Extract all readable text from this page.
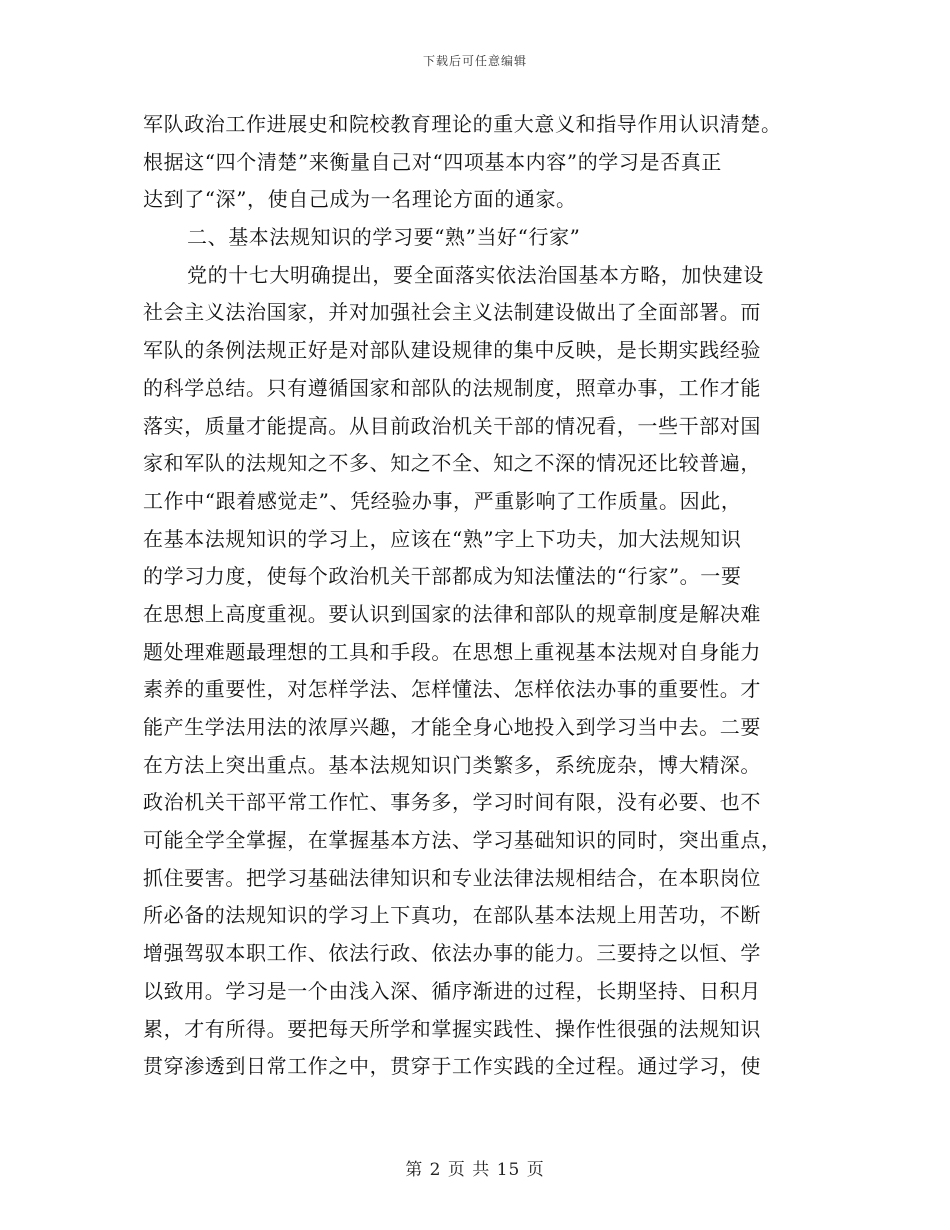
下载后可任意编辑
军队政治工作进展史和院校教育理论的重大意义和指导作用认识清楚。
根据这“四个清楚”来衡量自己对“四项基本内容”的学习是否真正
达到了“深”，使自己成为一名理论方面的通家。
二、基本法规知识的学习要“熟”当好“行家”
党的十七大明确提出，要全面落实依法治国基本方略，加快建设
社会主义法治国家，并对加强社会主义法制建设做出了全面部署。而
军队的条例法规正好是对部队建设规律的集中反映，是长期实践经验
的科学总结。只有遵循国家和部队的法规制度，照章办事，工作才能
落实，质量才能提高。从目前政治机关干部的情况看，一些干部对国
家和军队的法规知之不多、知之不全、知之不深的情况还比较普遍，
工作中“跟着感觉走”、凭经验办事，严重影响了工作质量。因此，
在基本法规知识的学习上，应该在“熟”字上下功夫，加大法规知识
的学习力度，使每个政治机关干部都成为知法懂法的“行家”。一要
在思想上高度重视。要认识到国家的法律和部队的规章制度是解决难
题处理难题最理想的工具和手段。在思想上重视基本法规对自身能力
素养的重要性，对怎样学法、怎样懂法、怎样依法办事的重要性。才
能产生学法用法的浓厚兴趣，才能全身心地投入到学习当中去。二要
在方法上突出重点。基本法规知识门类繁多，系统庞杂，博大精深。
政治机关干部平常工作忙、事务多，学习时间有限，没有必要、也不
可能全学全掌握，在掌握基本方法、学习基础知识的同时，突出重点，
抓住要害。把学习基础法律知识和专业法律法规相结合，在本职岗位
所必备的法规知识的学习上下真功，在部队基本法规上用苦功，不断
增强驾驭本职工作、依法行政、依法办事的能力。三要持之以恒、学
以致用。学习是一个由浅入深、循序渐进的过程，长期坚持、日积月
累，才有所得。要把每天所学和掌握实践性、操作性很强的法规知识
贯穿渗透到日常工作之中，贯穿于工作实践的全过程。通过学习，使
第 2 页 共 15 页
